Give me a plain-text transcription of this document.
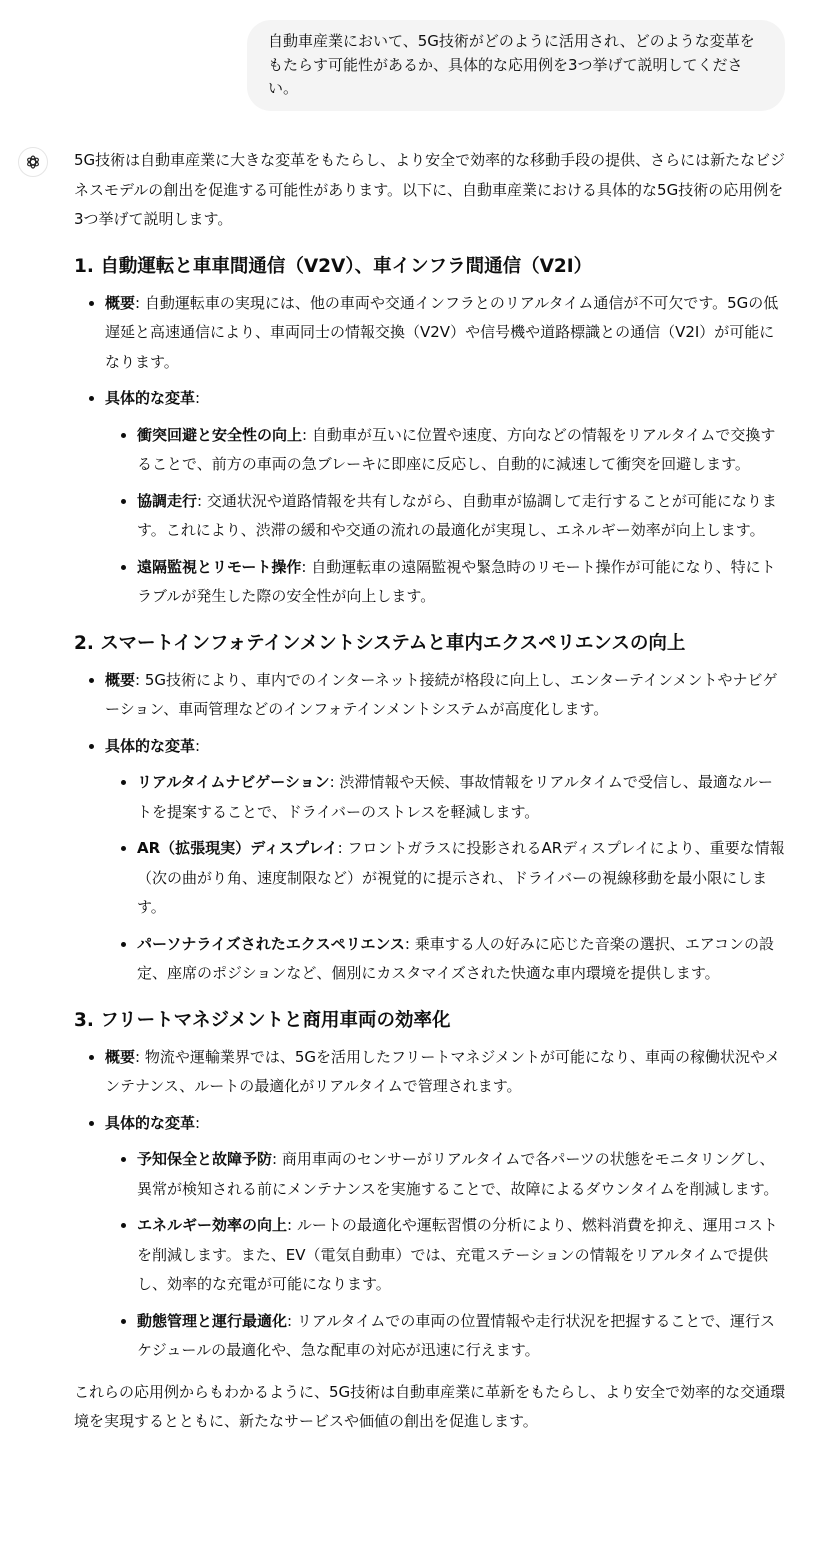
自動車産業において、5G技術がどのように活用され、どのような変革をもたらす可能性があるか、具体的な応用例を3つ挙げて説明してください。

5G技術は自動車産業に大きな変革をもたらし、より安全で効率的な移動手段の提供、さらには新たなビジネスモデルの創出を促進する可能性があります。以下に、自動車産業における具体的な5G技術の応用例を3つ挙げて説明します。

1. 自動運転と車車間通信（V2V）、車インフラ間通信（V2I）
• 概要: 自動運転車の実現には、他の車両や交通インフラとのリアルタイム通信が不可欠です。5Gの低遅延と高速通信により、車両同士の情報交換（V2V）や信号機や道路標識との通信（V2I）が可能になります。
• 具体的な変革:
• 衝突回避と安全性の向上: 自動車が互いに位置や速度、方向などの情報をリアルタイムで交換することで、前方の車両の急ブレーキに即座に反応し、自動的に減速して衝突を回避します。
• 協調走行: 交通状況や道路情報を共有しながら、自動車が協調して走行することが可能になります。これにより、渋滞の緩和や交通の流れの最適化が実現し、エネルギー効率が向上します。
• 遠隔監視とリモート操作: 自動運転車の遠隔監視や緊急時のリモート操作が可能になり、特にトラブルが発生した際の安全性が向上します。
2. スマートインフォテインメントシステムと車内エクスペリエンスの向上
• 概要: 5G技術により、車内でのインターネット接続が格段に向上し、エンターテインメントやナビゲーション、車両管理などのインフォテインメントシステムが高度化します。
• 具体的な変革:
• リアルタイムナビゲーション: 渋滞情報や天候、事故情報をリアルタイムで受信し、最適なルートを提案することで、ドライバーのストレスを軽減します。
• AR（拡張現実）ディスプレイ: フロントガラスに投影されるARディスプレイにより、重要な情報（次の曲がり角、速度制限など）が視覚的に提示され、ドライバーの視線移動を最小限にします。
• パーソナライズされたエクスペリエンス: 乗車する人の好みに応じた音楽の選択、エアコンの設定、座席のポジションなど、個別にカスタマイズされた快適な車内環境を提供します。
3. フリートマネジメントと商用車両の効率化
• 概要: 物流や運輸業界では、5Gを活用したフリートマネジメントが可能になり、車両の稼働状況やメンテナンス、ルートの最適化がリアルタイムで管理されます。
• 具体的な変革:
• 予知保全と故障予防: 商用車両のセンサーがリアルタイムで各パーツの状態をモニタリングし、異常が検知される前にメンテナンスを実施することで、故障によるダウンタイムを削減します。
• エネルギー効率の向上: ルートの最適化や運転習慣の分析により、燃料消費を抑え、運用コストを削減します。また、EV（電気自動車）では、充電ステーションの情報をリアルタイムで提供し、効率的な充電が可能になります。
• 動態管理と運行最適化: リアルタイムでの車両の位置情報や走行状況を把握することで、運行スケジュールの最適化や、急な配車の対応が迅速に行えます。

これらの応用例からもわかるように、5G技術は自動車産業に革新をもたらし、より安全で効率的な交通環境を実現するとともに、新たなサービスや価値の創出を促進します。
